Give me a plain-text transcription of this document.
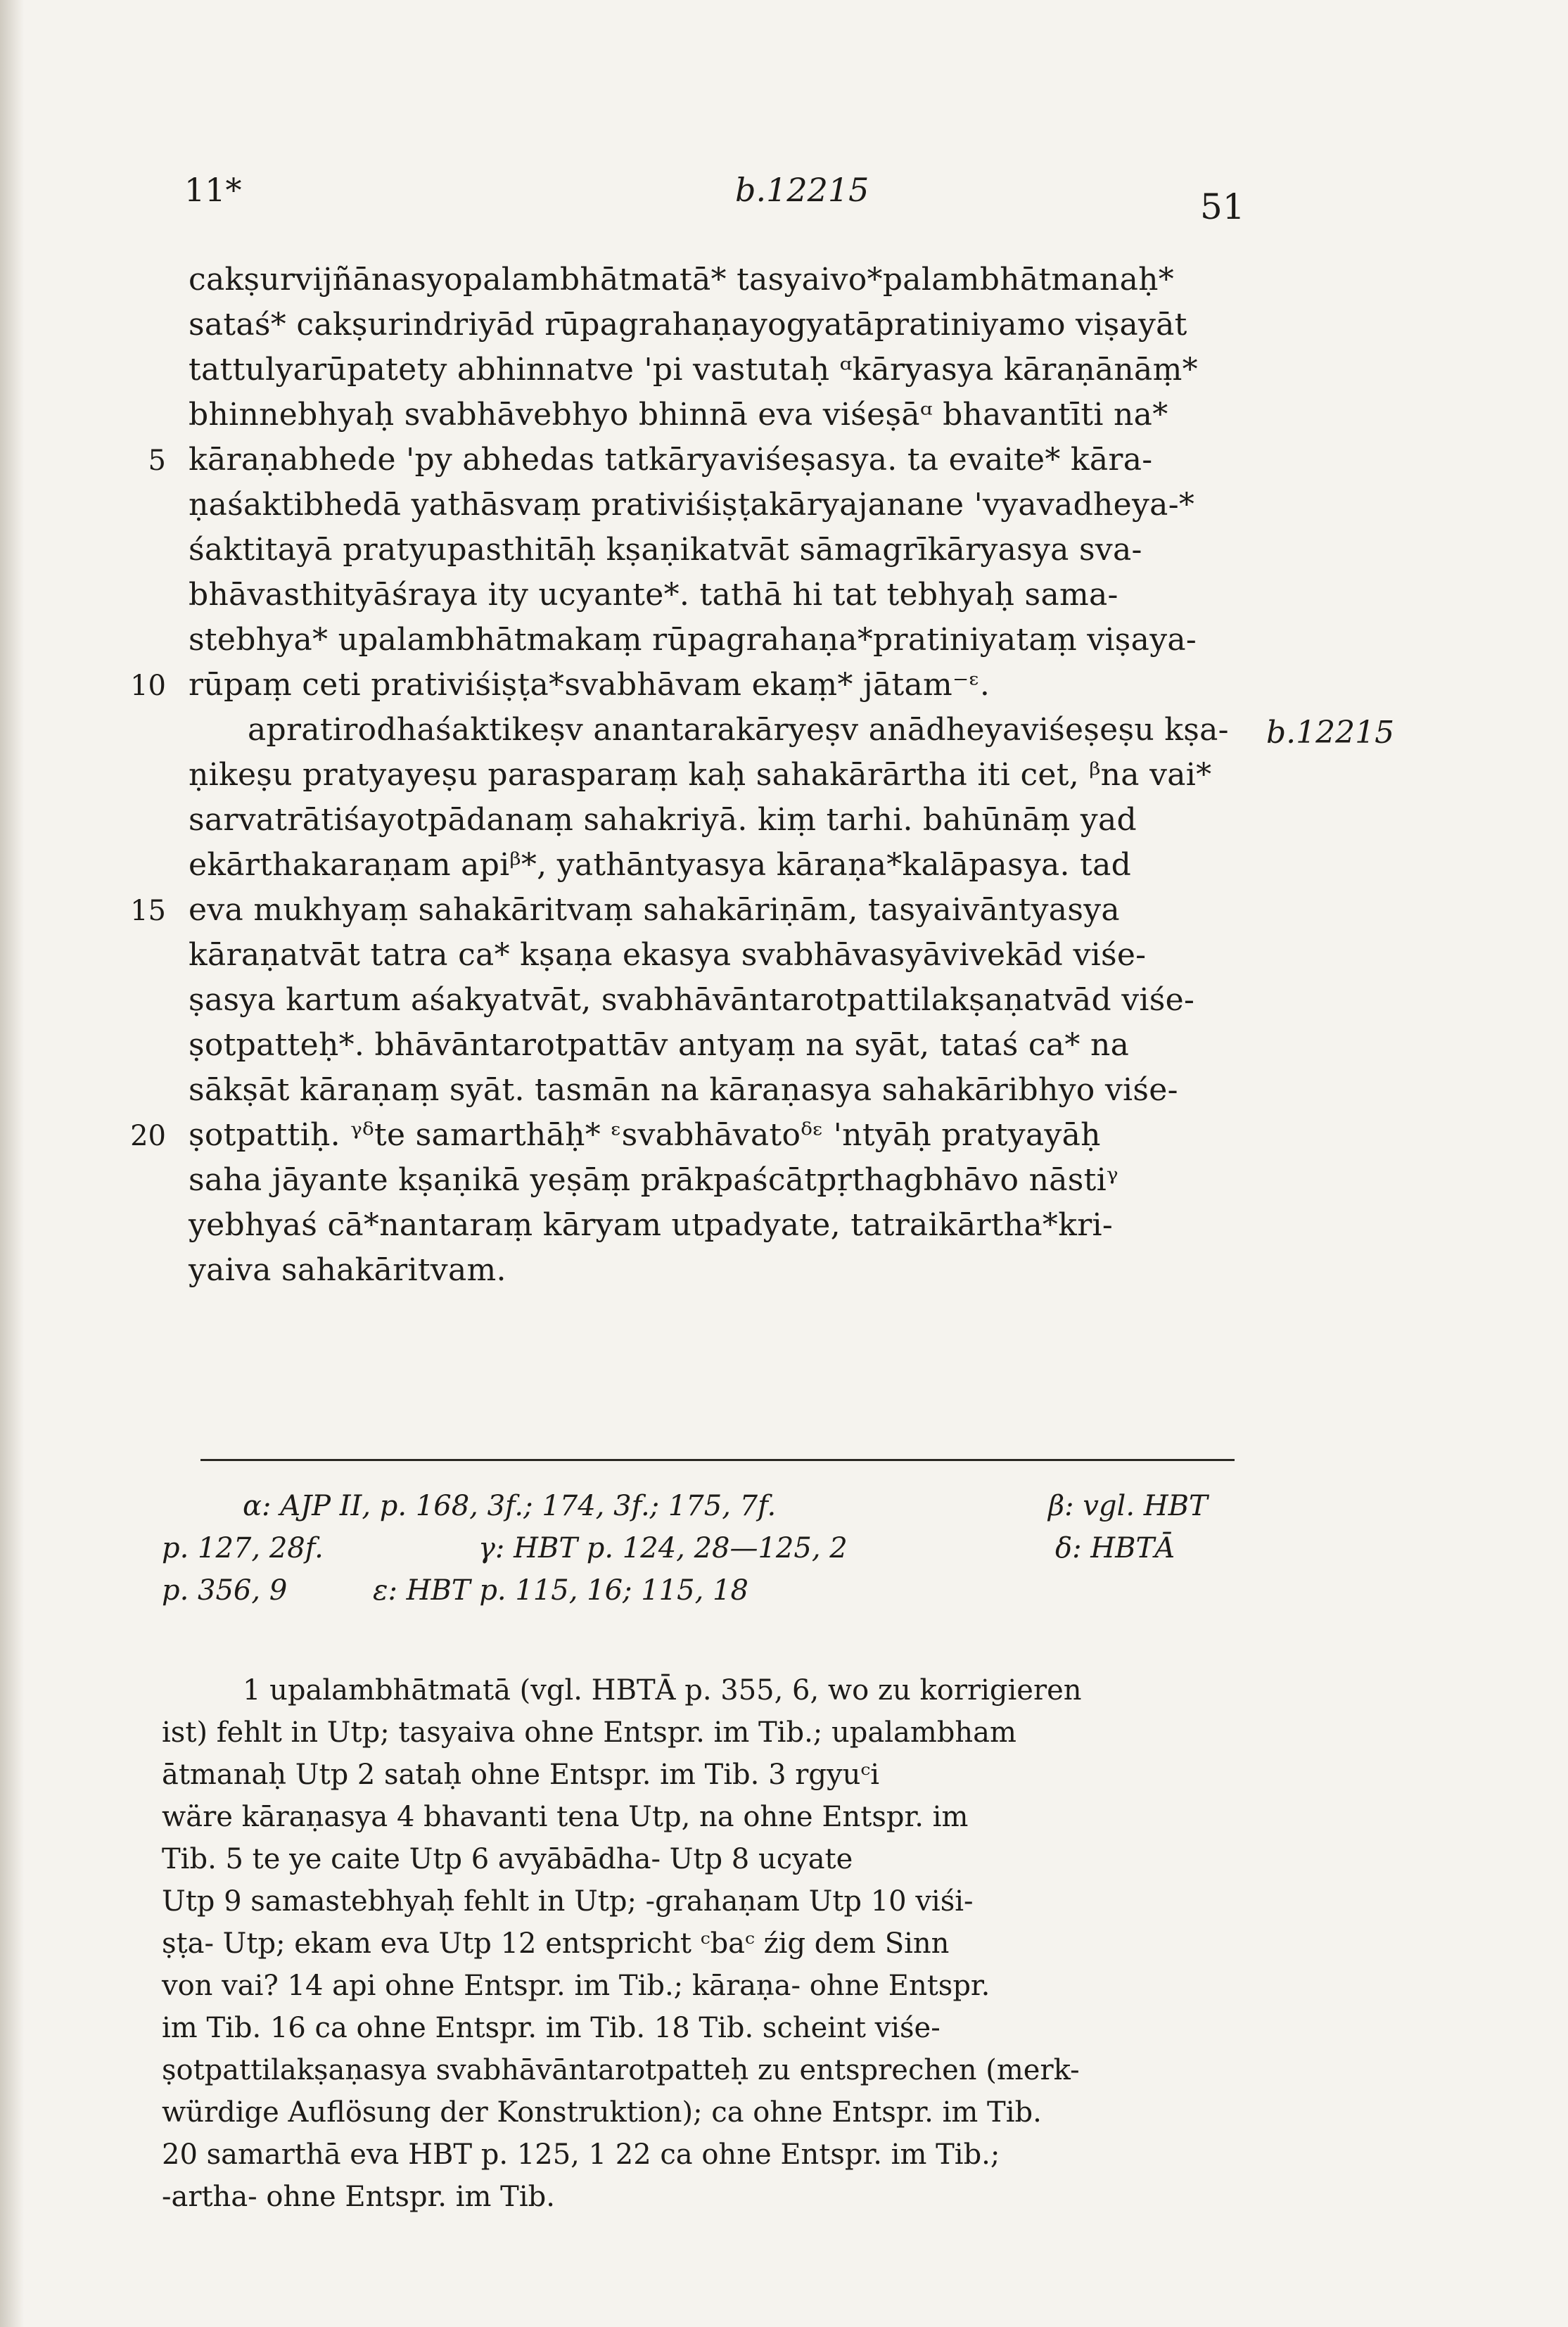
11*	b.12215	51
cakṣurvijñānasyopalambhātmatā* tasyaivo*palambhātmanaḥ*
sataś* cakṣurindriyād rūpagrahaṇayogyatāpratiniyamo viṣayāt
tattulyarūpatety abhinnatve 'pi vastutaḥ ᵅkāryasya kāraṇānāṃ*
bhinnebhyaḥ svabhāvebhyo bhinnā eva viśeṣāᵅ bhavantīti na*
kāraṇabhede 'py abhedas tatkāryaviśeṣasya. ta evaite* kāra-
ṇaśaktibhedā yathāsvaṃ prativiśiṣṭakāryajanane 'vyavadheya-*
śaktitayā pratyupasthitāḥ kṣaṇikatvāt sāmagrīkāryasya sva-
bhāvasthityāśraya ity ucyante*. tathā hi tat tebhyaḥ sama-
stebhya* upalambhātmakaṃ rūpagrahaṇa*pratiniyataṃ viṣaya-
rūpaṃ ceti prativiśiṣṭa*svabhāvam ekaṃ* jātam⁻ᵋ.
apratirodhaśaktikeṣv anantarakāryeṣv anādheyaviśeṣeṣu kṣa-
ṇikeṣu pratyayeṣu parasparaṃ kaḥ sahakārārtha iti cet, ᵝna vai*
sarvatrātiśayotpādanaṃ sahakriyā. kiṃ tarhi. bahūnāṃ yad
ekārthakaraṇam apiᵝ*, yathāntyasya kāraṇa*kalāpasya. tad
eva mukhyaṃ sahakāritvaṃ sahakāriṇām, tasyaivāntyasya
kāraṇatvāt tatra ca* kṣaṇa ekasya svabhāvasyāvivekād viśe-
ṣasya kartum aśakyatvāt, svabhāvāntarotpattilakṣaṇatvād viśe-
ṣotpatteḥ*. bhāvāntarotpattāv antyaṃ na syāt, tataś ca* na
sākṣāt kāraṇaṃ syāt. tasmān na kāraṇasya sahakāribhyo viśe-
ṣotpattiḥ. ᵞᵟte samarthāḥ* ᵋsvabhāvatoᵟᵋ 'ntyāḥ pratyayāḥ
saha jāyante kṣaṇikā yeṣāṃ prākpaścātpṛthagbhāvo nāstiᵞ
yebhyaś cā*nantaraṃ kāryam utpadyate, tatraikārtha*kri-
yaiva sahakāritvam.
5
10
15
20
b.12215
α: AJP II, p. 168, 3f.; 174, 3f.; 175, 7f.	β: vgl. HBT
p. 127, 28f.	γ: HBT p. 124, 28—125, 2	δ: HBTĀ
p. 356, 9	ε: HBT p. 115, 16; 115, 18
1 upalambhātmatā (vgl. HBTĀ p. 355, 6, wo zu korrigieren
ist) fehlt in Utp; tasyaiva ohne Entspr. im Tib.; upalambham
ātmanaḥ Utp 2 sataḥ ohne Entspr. im Tib. 3 rgyuᶜi
wäre kāraṇasya 4 bhavanti tena Utp, na ohne Entspr. im
Tib. 5 te ye caite Utp 6 avyābādha- Utp 8 ucyate
Utp 9 samastebhyaḥ fehlt in Utp; -grahaṇam Utp 10 viśi-
ṣṭa- Utp; ekam eva Utp 12 entspricht ᶜbaᶜ źig dem Sinn
von vai? 14 api ohne Entspr. im Tib.; kāraṇa- ohne Entspr.
im Tib. 16 ca ohne Entspr. im Tib. 18 Tib. scheint viśe-
ṣotpattilakṣaṇasya svabhāvāntarotpatteḥ zu entsprechen (merk-
würdige Auflösung der Konstruktion); ca ohne Entspr. im Tib.
20 samarthā eva HBT p. 125, 1 22 ca ohne Entspr. im Tib.;
-artha- ohne Entspr. im Tib.
